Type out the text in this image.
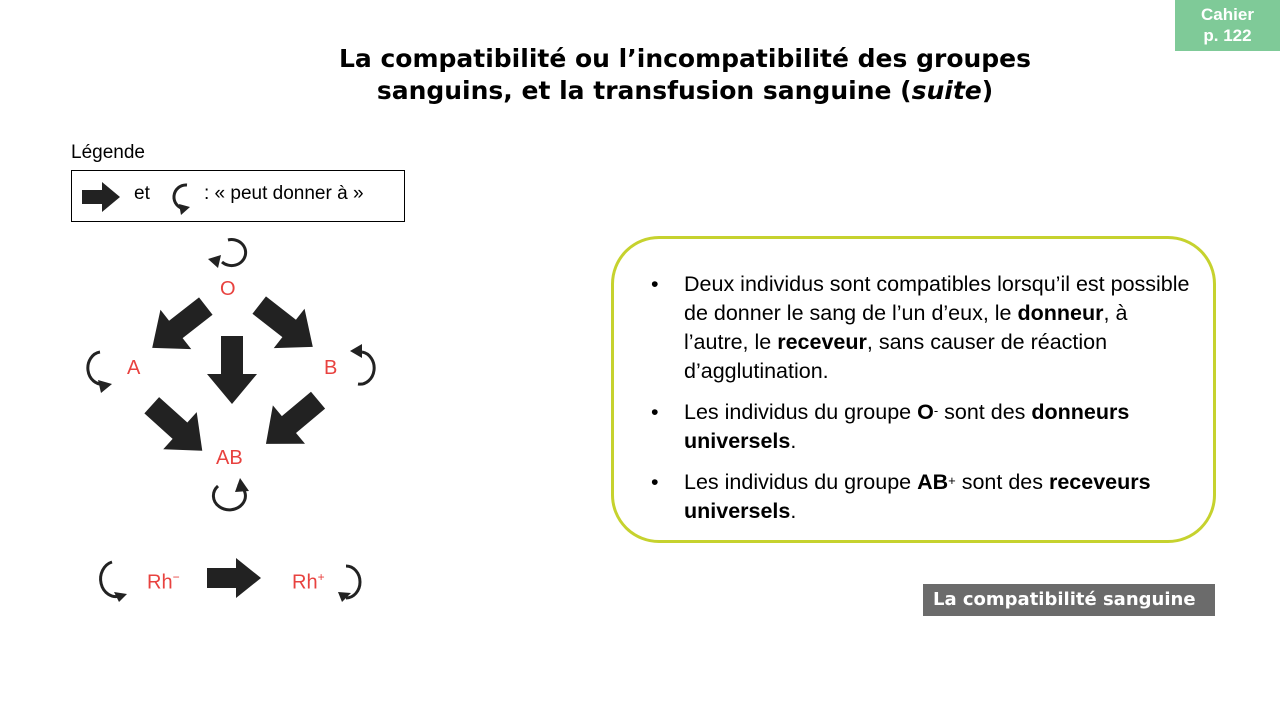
Cahier
p. 122
La compatibilité ou l’incompatibilité des groupes
sanguins, et la transfusion sanguine (suite)
Légende
et	: « peut donner à »
O
A	B
AB
Rh−	Rh+
• Deux individus sont compatibles lorsqu’il est possible de donner le sang de l’un d’eux, le donneur, à l’autre, le receveur, sans causer de réaction d’agglutination.
• Les individus du groupe O- sont des donneurs universels.
• Les individus du groupe AB+ sont des receveurs universels.
La compatibilité sanguine
